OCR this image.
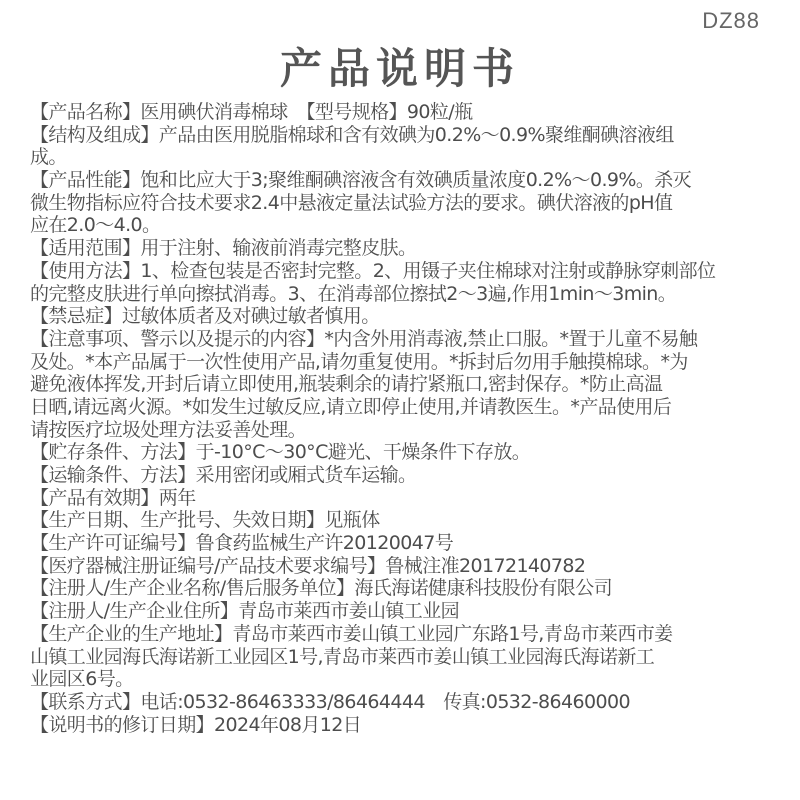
DZ88
产品说明书
【产品名称】医用碘伏消毒棉球　【型号规格】90粒/瓶
【结构及组成】产品由医用脱脂棉球和含有效碘为0.2%～0.9%聚维酮碘溶液组
成。
【产品性能】饱和比应大于3;聚维酮碘溶液含有效碘质量浓度0.2%～0.9%。杀灭
微生物指标应符合技术要求2.4中悬液定量法试验方法的要求。碘伏溶液的pH值
应在2.0～4.0。
【适用范围】用于注射、输液前消毒完整皮肤。
【使用方法】1、检查包装是否密封完整。2、用镊子夹住棉球对注射或静脉穿刺部位
的完整皮肤进行单向擦拭消毒。3、在消毒部位擦拭2～3遍,作用1min～3min。
【禁忌症】过敏体质者及对碘过敏者慎用。
【注意事项、警示以及提示的内容】*内含外用消毒液,禁止口服。*置于儿童不易触
及处。*本产品属于一次性使用产品,请勿重复使用。*拆封后勿用手触摸棉球。*为
避免液体挥发,开封后请立即使用,瓶装剩余的请拧紧瓶口,密封保存。*防止高温
日晒,请远离火源。*如发生过敏反应,请立即停止使用,并请教医生。*产品使用后
请按医疗垃圾处理方法妥善处理。
【贮存条件、方法】于-10°C～30°C避光、干燥条件下存放。
【运输条件、方法】采用密闭或厢式货车运输。
【产品有效期】两年
【生产日期、生产批号、失效日期】见瓶体
【生产许可证编号】鲁食药监械生产许20120047号
【医疗器械注册证编号/产品技术要求编号】鲁械注准20172140782
【注册人/生产企业名称/售后服务单位】海氏海诺健康科技股份有限公司
【注册人/生产企业住所】青岛市莱西市姜山镇工业园
【生产企业的生产地址】青岛市莱西市姜山镇工业园广东路1号,青岛市莱西市姜
山镇工业园海氏海诺新工业园区1号,青岛市莱西市姜山镇工业园海氏海诺新工
业园区6号。
【联系方式】电话:0532-86463333/86464444　传真:0532-86460000
【说明书的修订日期】2024年08月12日
